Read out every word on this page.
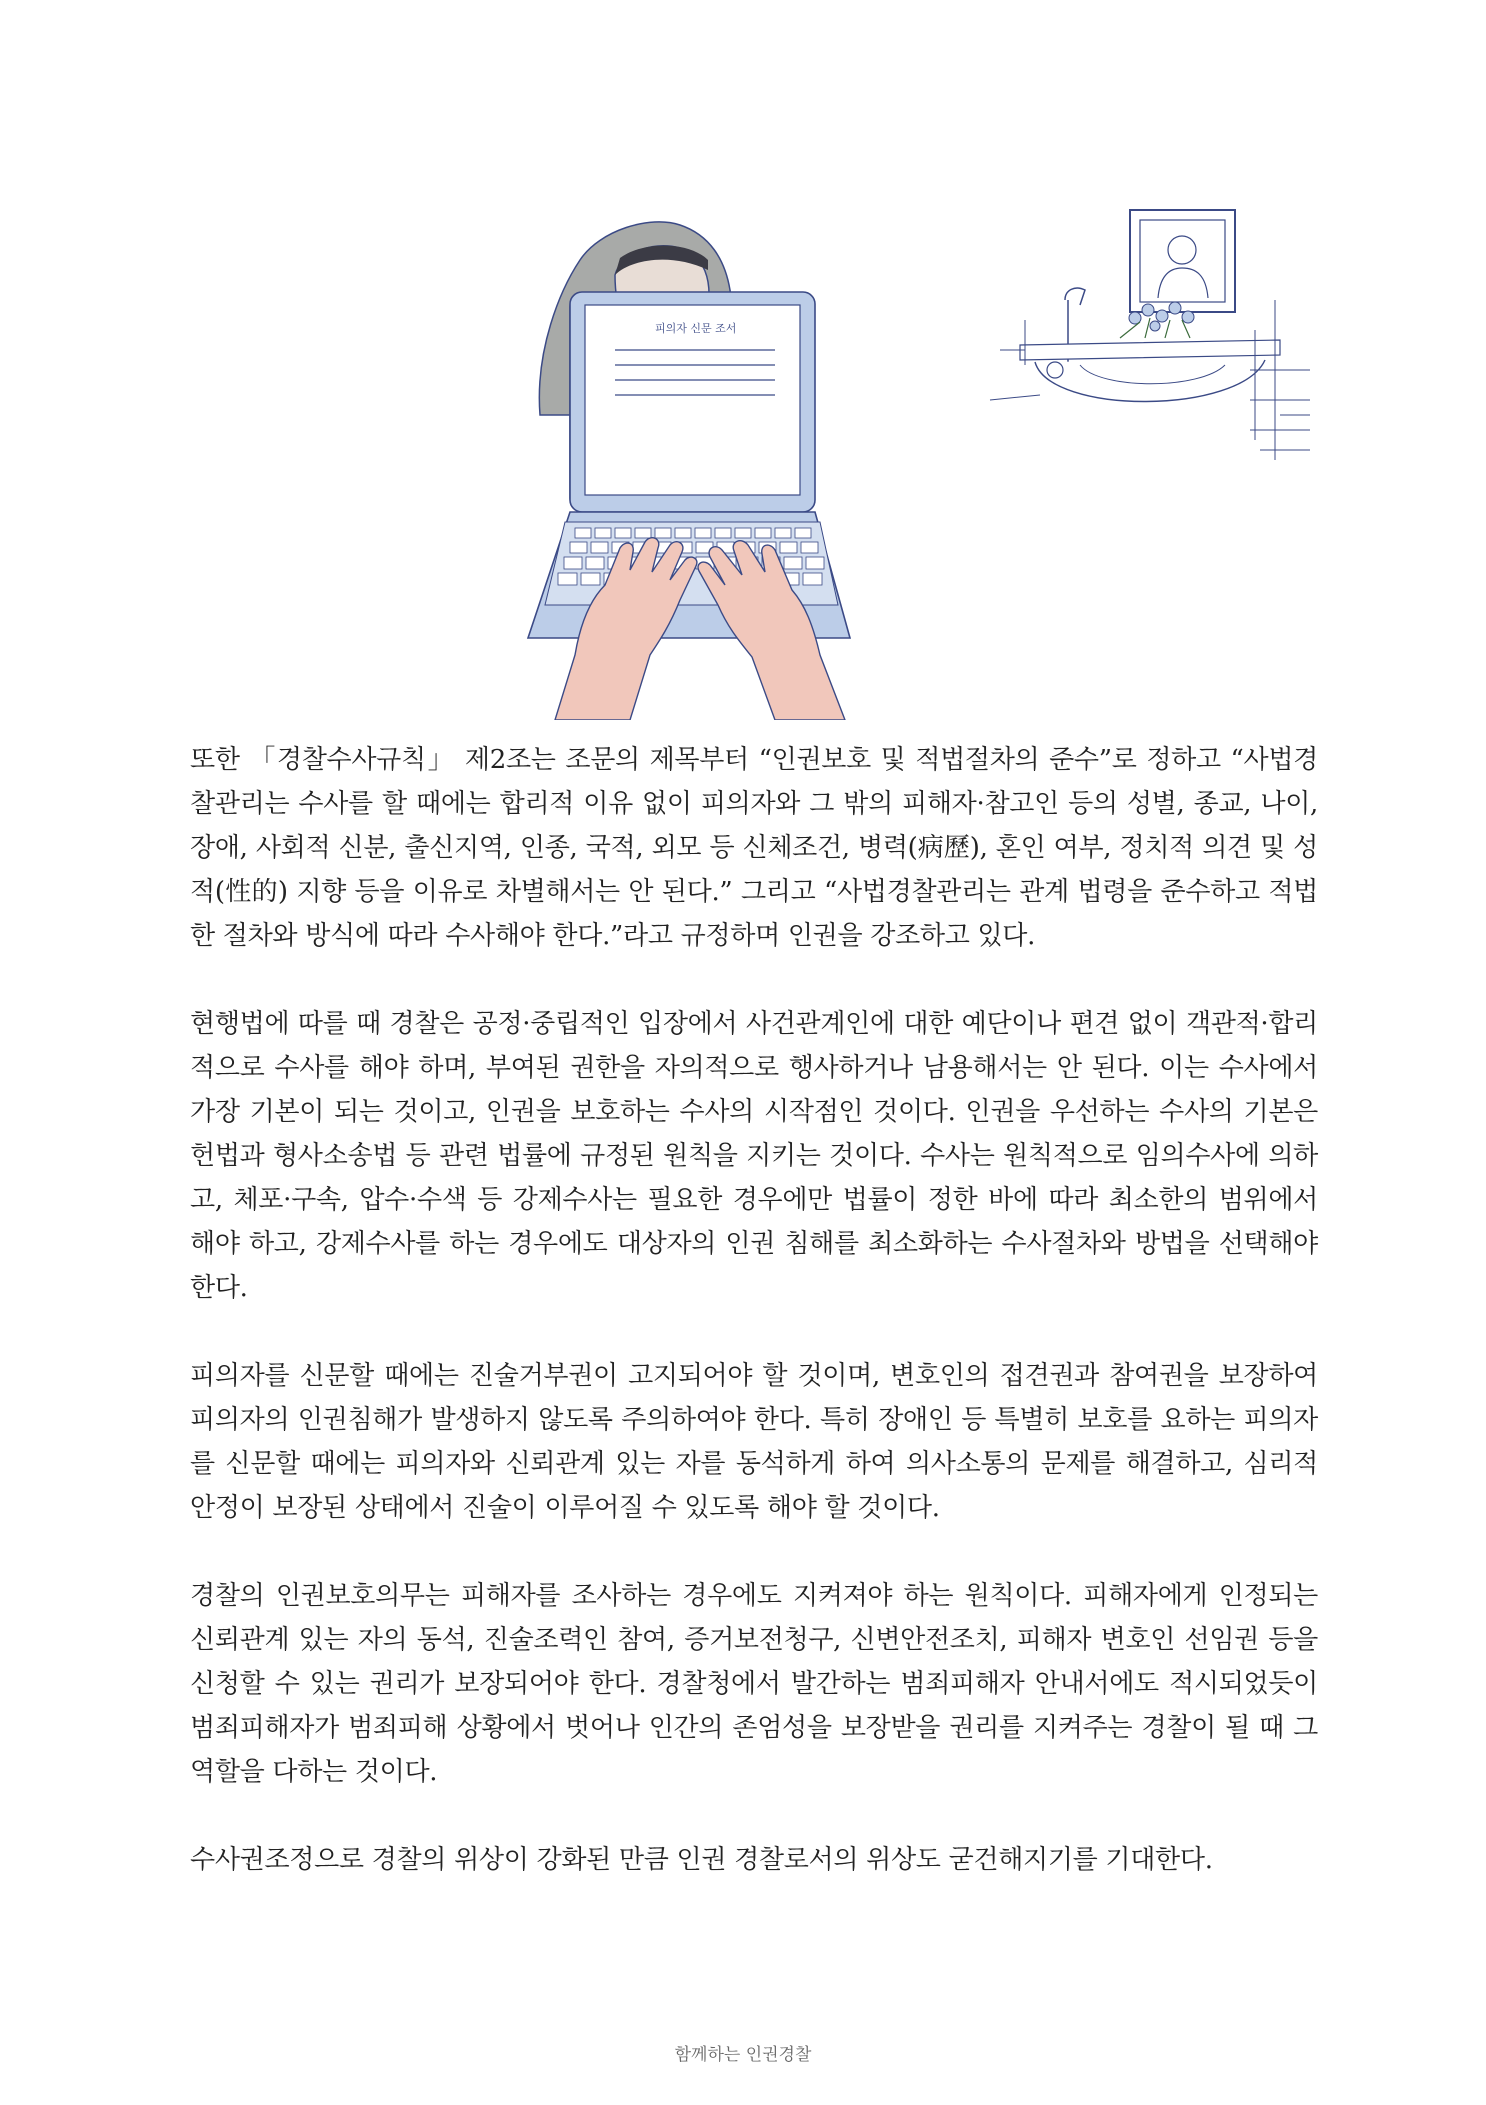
피의자 신문 조서

또한 「경찰수사규칙」 제2조는 조문의 제목부터 “인권보호 및 적법절차의 준수”로 정하고 “사법경찰관리는 수사를 할 때에는 합리적 이유 없이 피의자와 그 밖의 피해자·참고인 등의 성별, 종교, 나이, 장애, 사회적 신분, 출신지역, 인종, 국적, 외모 등 신체조건, 병력(病歷), 혼인 여부, 정치적 의견 및 성적(性的) 지향 등을 이유로 차별해서는 안 된다.” 그리고 “사법경찰관리는 관계 법령을 준수하고 적법한 절차와 방식에 따라 수사해야 한다.”라고 규정하며 인권을 강조하고 있다.

현행법에 따를 때 경찰은 공정·중립적인 입장에서 사건관계인에 대한 예단이나 편견 없이 객관적·합리적으로 수사를 해야 하며, 부여된 권한을 자의적으로 행사하거나 남용해서는 안 된다. 이는 수사에서 가장 기본이 되는 것이고, 인권을 보호하는 수사의 시작점인 것이다. 인권을 우선하는 수사의 기본은 헌법과 형사소송법 등 관련 법률에 규정된 원칙을 지키는 것이다. 수사는 원칙적으로 임의수사에 의하고, 체포·구속, 압수·수색 등 강제수사는 필요한 경우에만 법률이 정한 바에 따라 최소한의 범위에서 해야 하고, 강제수사를 하는 경우에도 대상자의 인권 침해를 최소화하는 수사절차와 방법을 선택해야 한다.

피의자를 신문할 때에는 진술거부권이 고지되어야 할 것이며, 변호인의 접견권과 참여권을 보장하여 피의자의 인권침해가 발생하지 않도록 주의하여야 한다. 특히 장애인 등 특별히 보호를 요하는 피의자를 신문할 때에는 피의자와 신뢰관계 있는 자를 동석하게 하여 의사소통의 문제를 해결하고, 심리적 안정이 보장된 상태에서 진술이 이루어질 수 있도록 해야 할 것이다.

경찰의 인권보호의무는 피해자를 조사하는 경우에도 지켜져야 하는 원칙이다. 피해자에게 인정되는 신뢰관계 있는 자의 동석, 진술조력인 참여, 증거보전청구, 신변안전조치, 피해자 변호인 선임권 등을 신청할 수 있는 권리가 보장되어야 한다. 경찰청에서 발간하는 범죄피해자 안내서에도 적시되었듯이 범죄피해자가 범죄피해 상황에서 벗어나 인간의 존엄성을 보장받을 권리를 지켜주는 경찰이 될 때 그 역할을 다하는 것이다.

수사권조정으로 경찰의 위상이 강화된 만큼 인권 경찰로서의 위상도 굳건해지기를 기대한다.

함께하는 인권경찰
